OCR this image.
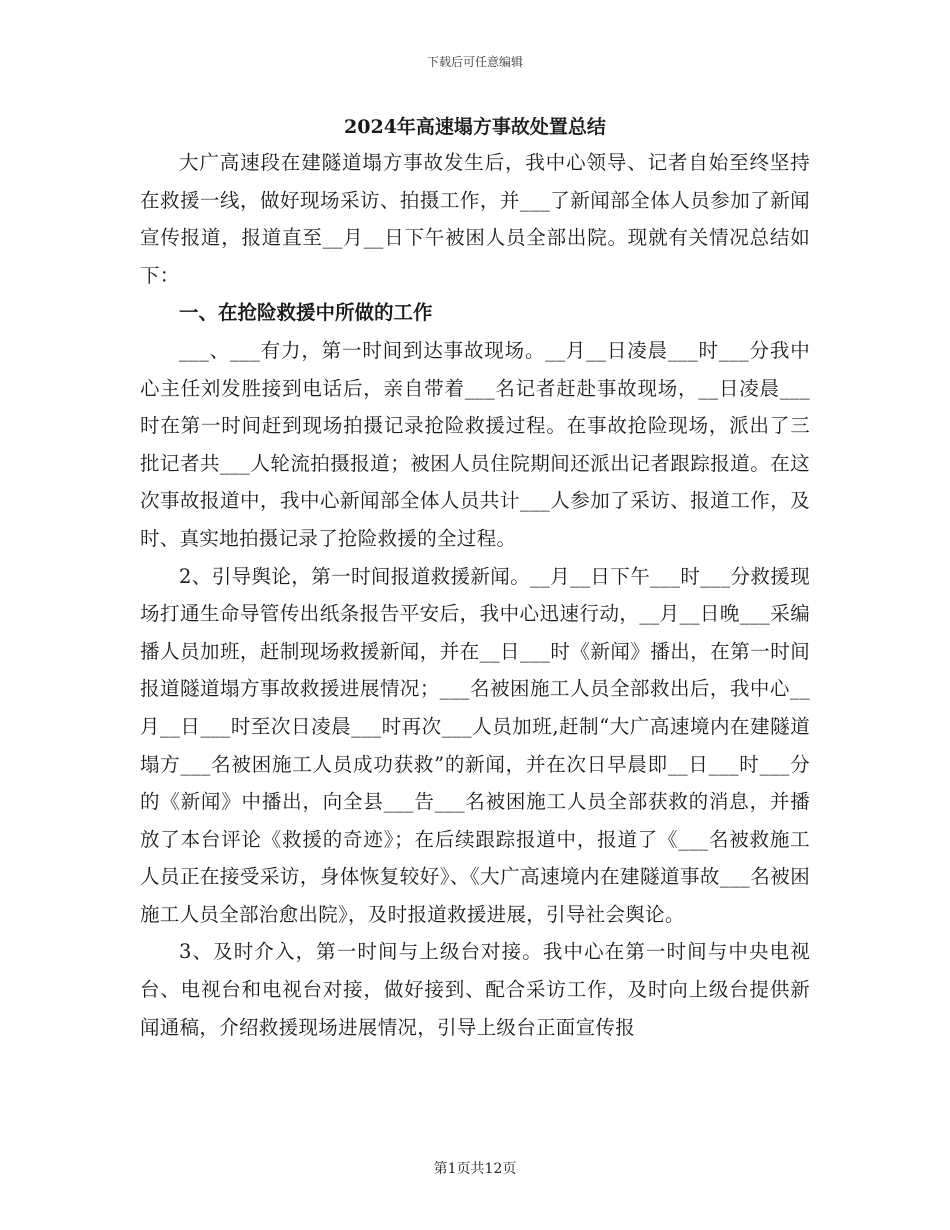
下载后可任意编辑
2024年高速塌方事故处置总结

大广高速段在建隧道塌方事故发生后，我中心领导、记者自始至终坚持在救援一线，做好现场采访、拍摄工作，并___了新闻部全体人员参加了新闻宣传报道，报道直至__月__日下午被困人员全部出院。现就有关情况总结如下：

一、在抢险救援中所做的工作

___、___有力，第一时间到达事故现场。__月__日凌晨___时___分我中心主任刘发胜接到电话后，亲自带着___名记者赶赴事故现场，__日凌晨___时在第一时间赶到现场拍摄记录抢险救援过程。在事故抢险现场，派出了三批记者共___人轮流拍摄报道；被困人员住院期间还派出记者跟踪报道。在这次事故报道中，我中心新闻部全体人员共计___人参加了采访、报道工作，及时、真实地拍摄记录了抢险救援的全过程。

2、引导舆论，第一时间报道救援新闻。__月__日下午___时___分救援现场打通生命导管传出纸条报告平安后，我中心迅速行动，__月__日晚___采编播人员加班，赶制现场救援新闻，并在__日___时《新闻》播出，在第一时间报道隧道塌方事故救援进展情况；___名被困施工人员全部救出后，我中心__月__日___时至次日凌晨___时再次___人员加班,赶制“大广高速境内在建隧道塌方___名被困施工人员成功获救”的新闻，并在次日早晨即__日___时___分的《新闻》中播出，向全县___告___名被困施工人员全部获救的消息，并播放了本台评论《救援的奇迹》；在后续跟踪报道中，报道了《___名被救施工人员正在接受采访，身体恢复较好》、《大广高速境内在建隧道事故___名被困施工人员全部治愈出院》，及时报道救援进展，引导社会舆论。

3、及时介入，第一时间与上级台对接。我中心在第一时间与中央电视台、电视台和电视台对接，做好接到、配合采访工作，及时向上级台提供新闻通稿，介绍救援现场进展情况，引导上级台正面宣传报

第1页共12页
